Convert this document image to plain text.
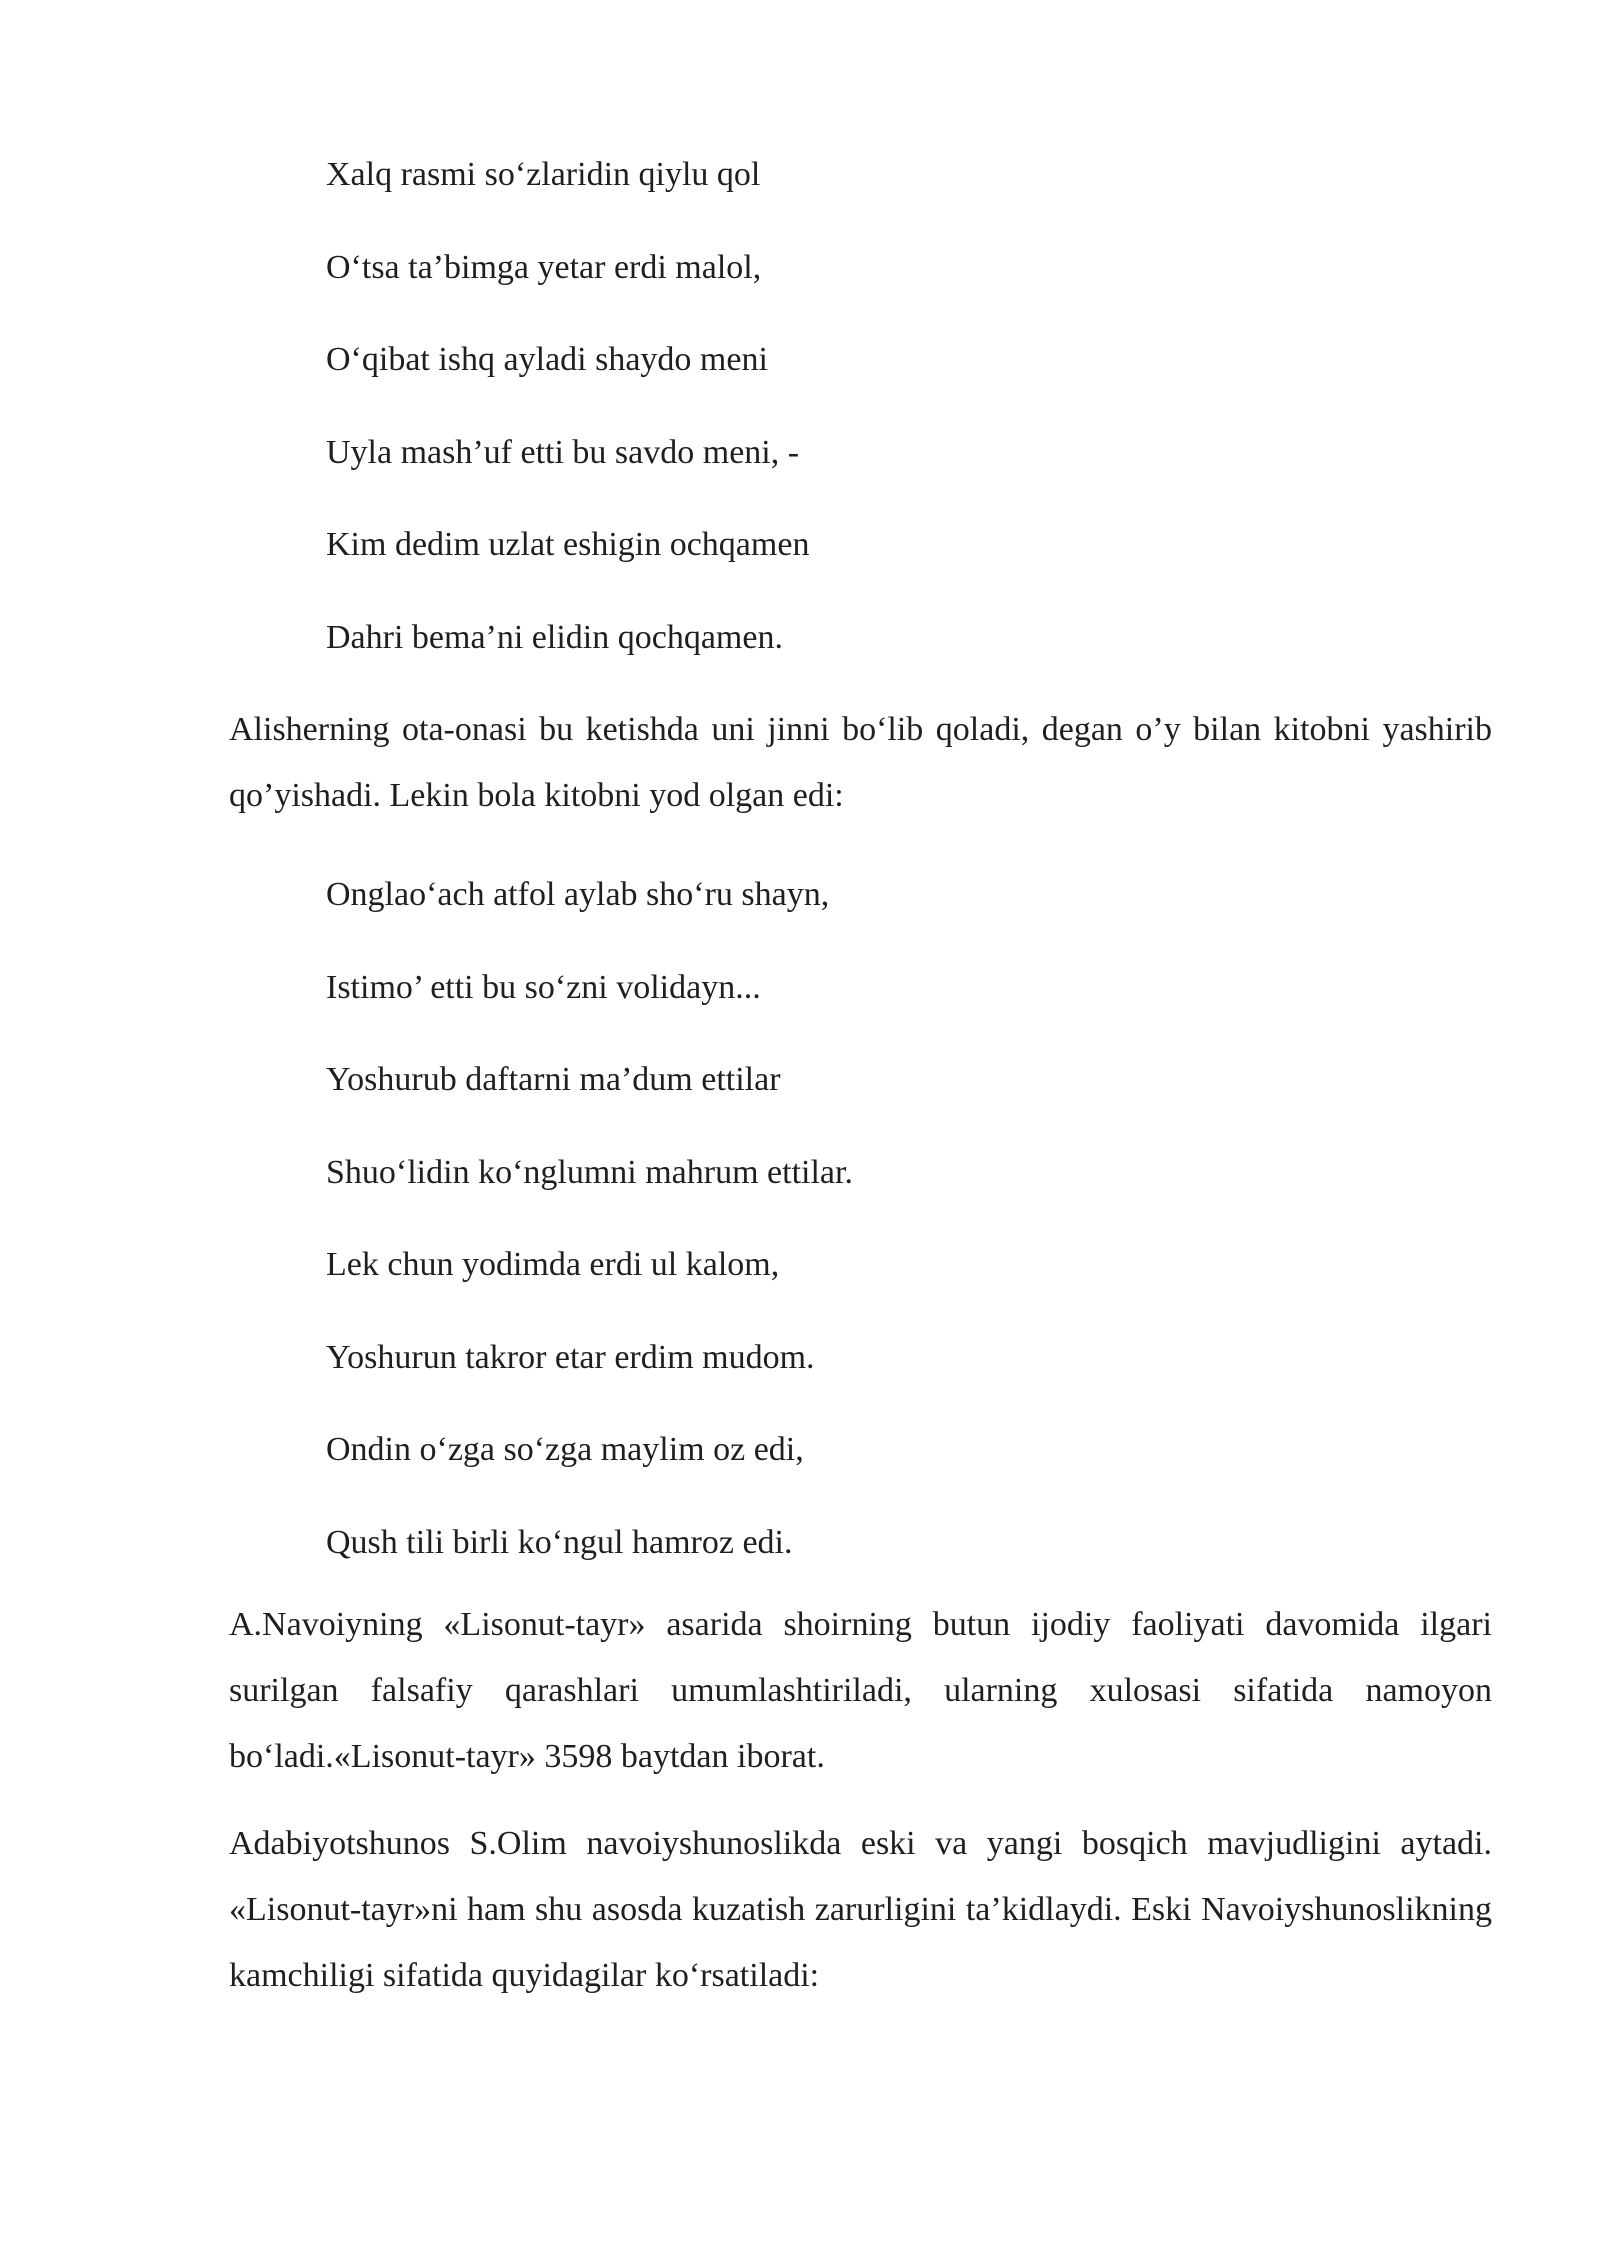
Xalq rasmi so‘zlaridin qiylu qol
O‘tsa ta’bimga yetar erdi malol,
O‘qibat ishq ayladi shaydo meni
Uyla mash’uf etti bu savdo meni, -
Kim dedim uzlat eshigin ochqamen
Dahri bema’ni elidin qochqamen.

Alisherning ota-onasi bu ketishda uni jinni bo‘lib qoladi, degan o’y bilan kitobni yashirib qo’yishadi. Lekin bola kitobni yod olgan edi:

Onglao‘ach atfol aylab sho‘ru shayn,
Istimo’ etti bu so‘zni volidayn...
Yoshurub daftarni ma’dum ettilar
Shuo‘lidin ko‘nglumni mahrum ettilar.
Lek chun yodimda erdi ul kalom,
Yoshurun takror etar erdim mudom.
Ondin o‘zga so‘zga maylim oz edi,
Qush tili birli ko‘ngul hamroz edi.

A.Navoiyning «Lisonut-tayr» asarida shoirning butun ijodiy faoliyati davomida ilgari surilgan falsafiy qarashlari umumlashtiriladi, ularning xulosasi sifatida namoyon bo‘ladi.«Lisonut-tayr» 3598 baytdan iborat.

Adabiyotshunos S.Olim navoiyshunoslikda eski va yangi bosqich mavjudligini aytadi. «Lisonut-tayr»ni ham shu asosda kuzatish zarurligini ta’kidlaydi. Eski Navoiyshunoslikning kamchiligi sifatida quyidagilar ko‘rsatiladi:
